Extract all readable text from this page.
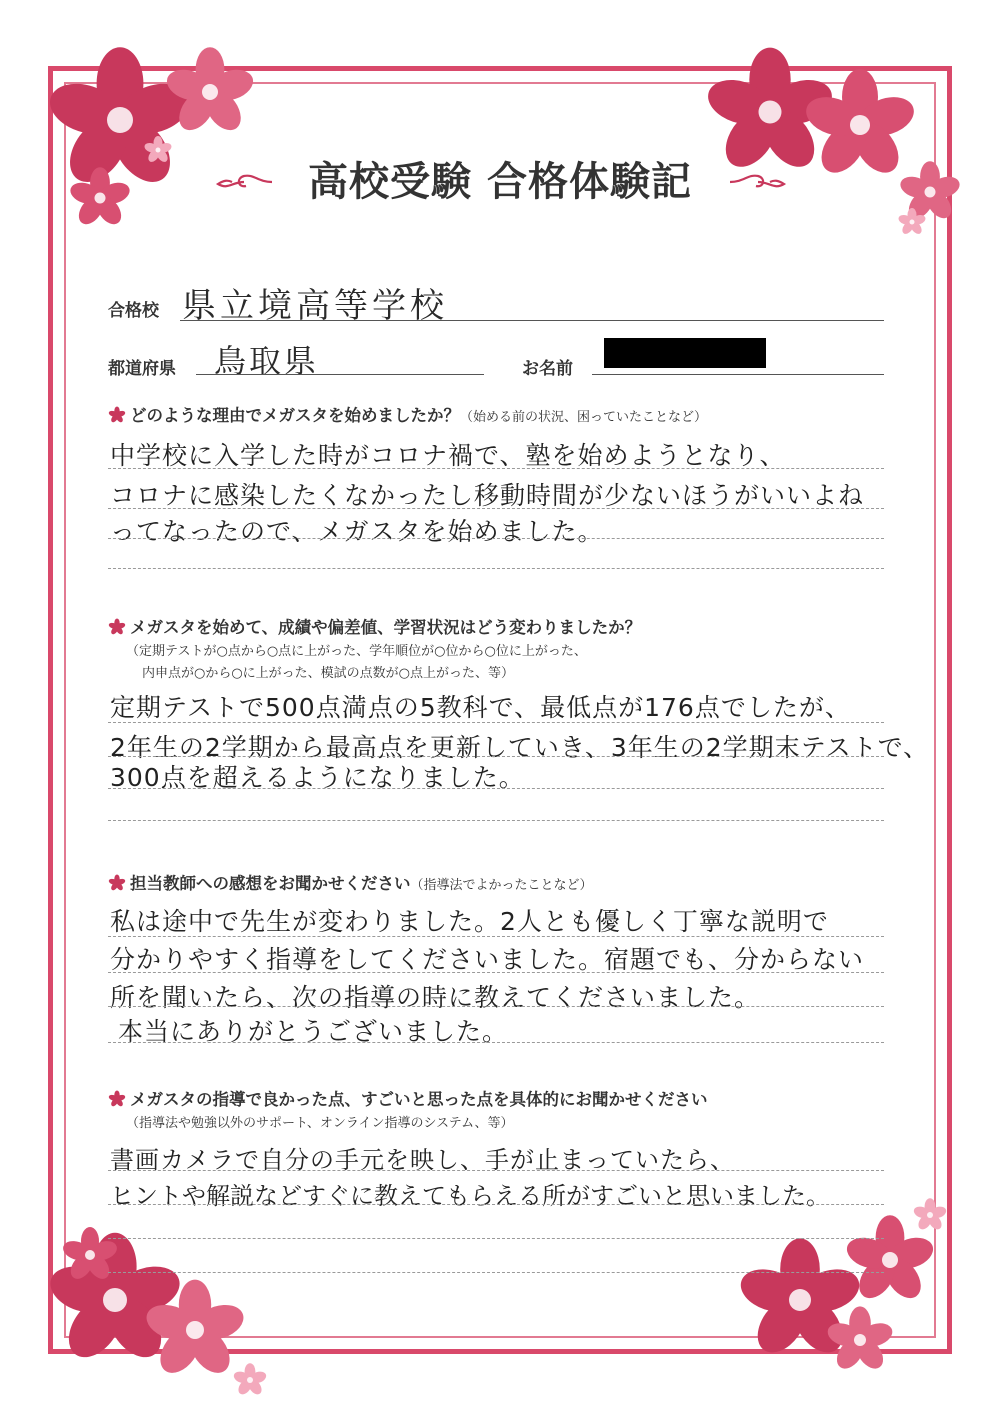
高校受験 合格体験記
合格校 県立境高等学校
都道府県 鳥取県	お名前
どのような理由でメガスタを始めましたか？（始める前の状況、困っていたことなど）
中学校に入学した時がコロナ禍で、塾を始めようとなり、
コロナに感染したくなかったし移動時間が少ないほうがいいよね
ってなったので、メガスタを始めました。
メガスタを始めて、成績や偏差値、学習状況はどう変わりましたか？
（定期テストが○点から○点に上がった、学年順位が○位から○位に上がった、
内申点が○から○に上がった、模試の点数が○点上がった、等）
定期テストで500点満点の5教科で、最低点が176点でしたが、
2年生の2学期から最高点を更新していき、3年生の2学期末テストで、
300点を超えるようになりました。
担当教師への感想をお聞かせください（指導法でよかったことなど）
私は途中で先生が変わりました。2人とも優しく丁寧な説明で
分かりやすく指導をしてくださいました。宿題でも、分からない
所を聞いたら、次の指導の時に教えてくださいました。
本当にありがとうございました。
メガスタの指導で良かった点、すごいと思った点を具体的にお聞かせください
（指導法や勉強以外のサポート、オンライン指導のシステム、等）
書画カメラで自分の手元を映し、手が止まっていたら、
ヒントや解説などすぐに教えてもらえる所がすごいと思いました。
